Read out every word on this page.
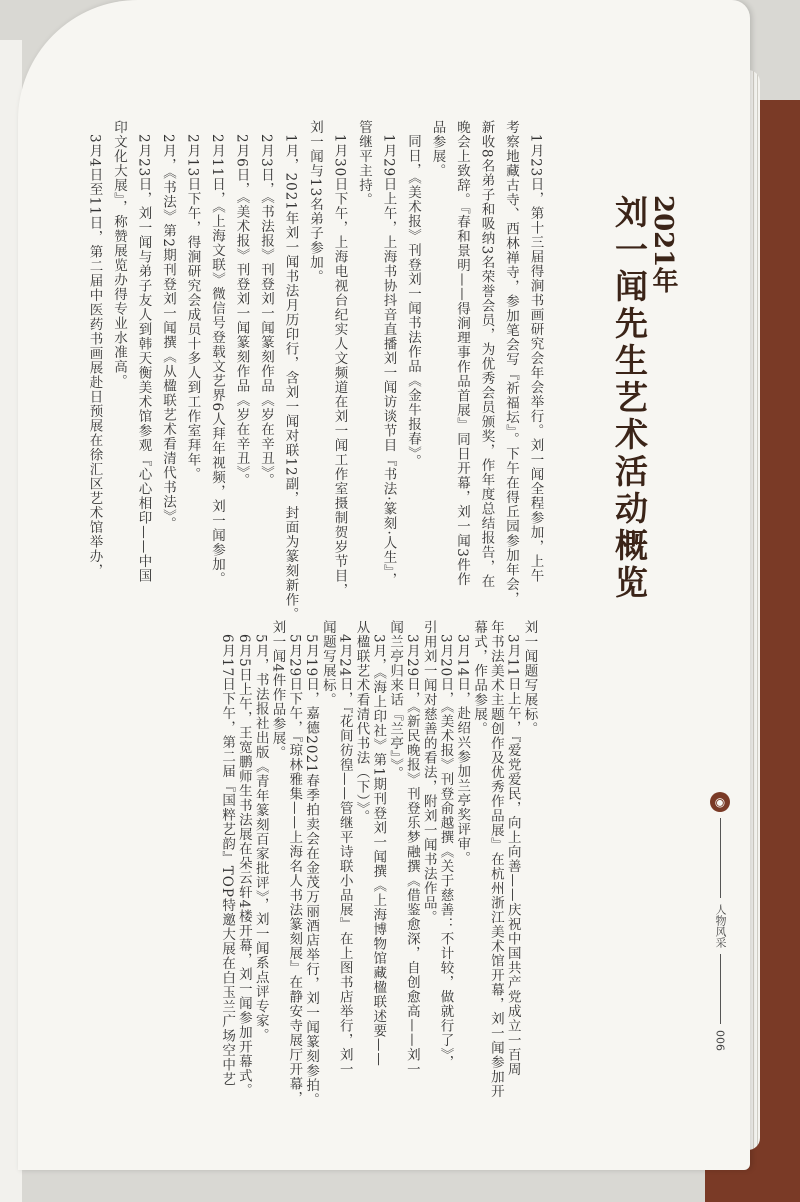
2021年
刘一闻先生艺术活动概览
1月23日，第十三届得涧书画研究会年会举行。刘一闻全程参加，上午
考察地藏古寺、西林禅寺，参加笔会写『祈福坛』。下午在得丘园参加年会，
新收8名弟子和吸纳3名荣誉会员，为优秀会员颁奖，作年度总结报告，在
晚会上致辞。『春和景明——得涧理事作品首展』同日开幕，刘一闻3件作
品参展。
同日，《美术报》刊登刘一闻书法作品《金牛报春》。
1月29日上午，上海书协抖音直播刘一闻访谈节目『书法·篆刻·人生』，
管继平主持。
1月30日下午，上海电视台纪实人文频道在刘一闻工作室摄制贺岁节目，
刘一闻与13名弟子参加。
1月，2021年刘一闻书法月历印行，含刘一闻对联12副，封面为篆刻新作。
2月3日，《书法报》刊登刘一闻篆刻作品《岁在辛丑》。
2月6日，《美术报》刊登刘一闻篆刻作品《岁在辛丑》。
2月11日，《上海文联》微信号登载文艺界6人拜年视频，刘一闻参加。
2月13日下午，得涧研究会成员十多人到工作室拜年。
2月，《书法》第2期刊登刘一闻撰《从楹联艺术看清代书法》。
2月23日，刘一闻与弟子友人到韩天衡美术馆参观『心心相印——中国
印文化大展』，称赞展览办得专业水准高。
3月4日至11日，第二届中医药书画展赴日预展在徐汇区艺术馆举办，
刘一闻题写展标。
3月11日上午，『爱党爱民，向上向善——庆祝中国共产党成立一百周
年书法美术主题创作及优秀作品展』在杭州浙江美术馆开幕，刘一闻参加开
幕式，作品参展。
3月14日，赴绍兴参加兰亭奖评审。
3月20日，《美术报》刊登俞越撰《关于慈善：不计较，做就行了》，
引用刘一闻对慈善的看法，附刘一闻书法作品。
3月29日，《新民晚报》刊登乐梦融撰《借鉴愈深，自创愈高——刘一
闻兰亭归来话『兰亭』》。
3月，《海上印社》第1期刊登刘一闻撰《上海博物馆藏楹联述要——
从楹联艺术看清代书法（下）》。
4月24日，『花间彷徨——管继平诗联小品展』在上图书店举行，刘一
闻题写展标。
5月19日，嘉德2021春季拍卖会在金茂万丽酒店举行，刘一闻篆刻参拍。
5月29日下午，『琼林雅集——上海名人书法篆刻展』在静安寺展厅开幕，
刘一闻4件作品参展。
5月，书法报社出版《青年篆刻百家批评》，刘一闻系点评专家。
6月5日上午，王宽鹏师生书法展在朵云轩4楼开幕，刘一闻参加开幕式。
6月17日下午，第二届『国粹艺韵』TOP特邀大展在白玉兰广场空中艺	◉
人物风采
006
